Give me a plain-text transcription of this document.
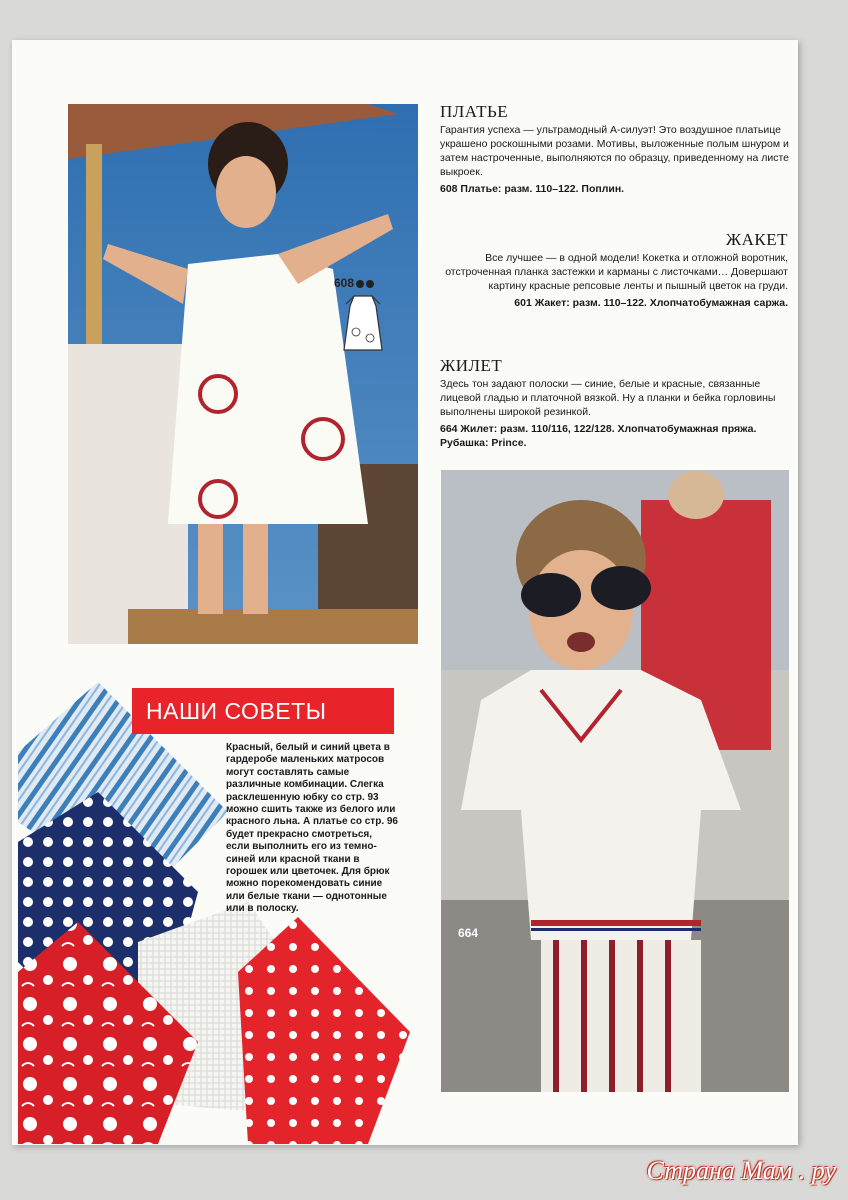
608
ПЛАТЬЕ

Гарантия успеха — ультрамодный А-силуэт! Это воздушное платьице украшено роскошными розами. Мотивы, выложенные полым шнуром и затем настроченные, выполняются по образцу, приведенному на листе выкроек.

608 Платье: разм. 110–122. Поплин.

ЖАКЕТ

Все лучшее — в одной модели! Кокетка и отложной воротник, отстроченная планка застежки и карманы с листочками… Довершают картину красные репсовые ленты и пышный цветок на груди.

601 Жакет: разм. 110–122. Хлопчатобумажная саржа.

ЖИЛЕТ

Здесь тон задают полоски — синие, белые и красные, связанные лицевой гладью и платочной вязкой. Ну а планки и бейка горловины выполнены широкой резинкой.

664 Жилет: разм. 110/116, 122/128. Хлопчатобумажная пряжа.

Рубашка: Prince.

664
НАШИ СОВЕТЫ
Красный, белый и синий цвета в гардеробе маленьких матросов могут составлять самые различные комбинации. Слегка расклешенную юбку со стр. 93 можно сшить также из белого или красного льна. А платье со стр. 96 будет прекрасно смотреться, если выполнить его из темно-синей или красной ткани в горошек или цветочек. Для брюк можно порекомендовать синие или белые ткани — однотонные или в полоску.
Страна Мам . ру
